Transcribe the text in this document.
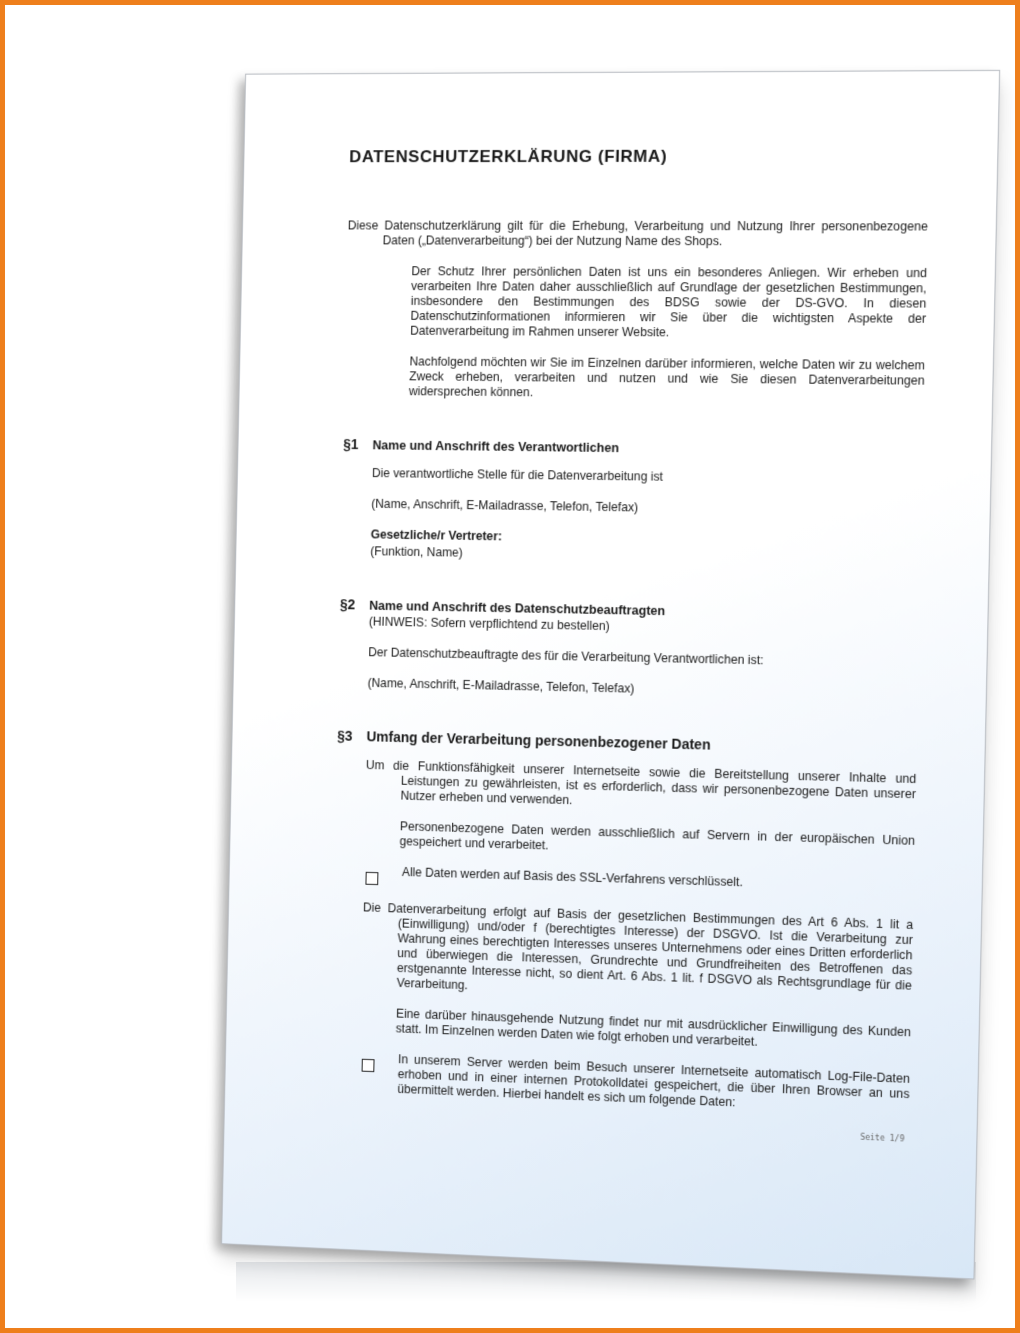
DATENSCHUTZERKLÄRUNG (FIRMA)

Diese Datenschutzerklärung gilt für die Erhebung, Verarbeitung und Nutzung Ihrer personenbezogene Daten („Datenverarbeitung“) bei der Nutzung Name des Shops.

Der Schutz Ihrer persönlichen Daten ist uns ein besonderes Anliegen. Wir erheben und verarbeiten Ihre Daten daher ausschließlich auf Grundlage der gesetzlichen Bestimmungen, insbesondere den Bestimmungen des BDSG sowie der DS-GVO. In diesen Datenschutzinformationen informieren wir Sie über die wichtigsten Aspekte der Datenverarbeitung im Rahmen unserer Website.

Nachfolgend möchten wir Sie im Einzelnen darüber informieren, welche Daten wir zu welchem Zweck erheben, verarbeiten und nutzen und wie Sie diesen Datenverarbeitungen widersprechen können.

§1	Name und Anschrift des Verantwortlichen

Die verantwortliche Stelle für die Datenverarbeitung ist

(Name, Anschrift, E-Mailadrasse, Telefon, Telefax)

Gesetzliche/r Vertreter:
(Funktion, Name)
§2	Name und Anschrift des Datenschutzbeauftragten

(HINWEIS: Sofern verpflichtend zu bestellen)

Der Datenschutzbeauftragte des für die Verarbeitung Verantwortlichen ist:

(Name, Anschrift, E-Mailadrasse, Telefon, Telefax)

§3 Umfang der Verarbeitung personenbezogener Daten

Um die Funktionsfähigkeit unserer Internetseite sowie die Bereitstellung unserer Inhalte und Leistungen zu gewährleisten, ist es erforderlich, dass wir personenbezogene Daten unserer Nutzer erheben und verwenden.

Personenbezogene Daten werden ausschließlich auf Servern in der europäischen Union gespeichert und verarbeitet.

Alle Daten werden auf Basis des SSL-Verfahrens verschlüsselt.

Die Datenverarbeitung erfolgt auf Basis der gesetzlichen Bestimmungen des Art 6 Abs. 1 lit a (Einwilligung) und/oder f (berechtigtes Interesse) der DSGVO. Ist die Verarbeitung zur Wahrung eines berechtigten Interesses unseres Unternehmens oder eines Dritten erforderlich und überwiegen die Interessen, Grundrechte und Grundfreiheiten des Betroffenen das erstgenannte Interesse nicht, so dient Art. 6 Abs. 1 lit. f DSGVO als Rechtsgrundlage für die Verarbeitung.

Eine darüber hinausgehende Nutzung findet nur mit ausdrücklicher Einwilligung des Kunden statt. Im Einzelnen werden Daten wie folgt erhoben und verarbeitet.

In unserem Server werden beim Besuch unserer Internetseite automatisch Log-File-Daten erhoben und in einer internen Protokolldatei gespeichert, die über Ihren Browser an uns übermittelt werden. Hierbei handelt es sich um folgende Daten:
Seite 1/9
